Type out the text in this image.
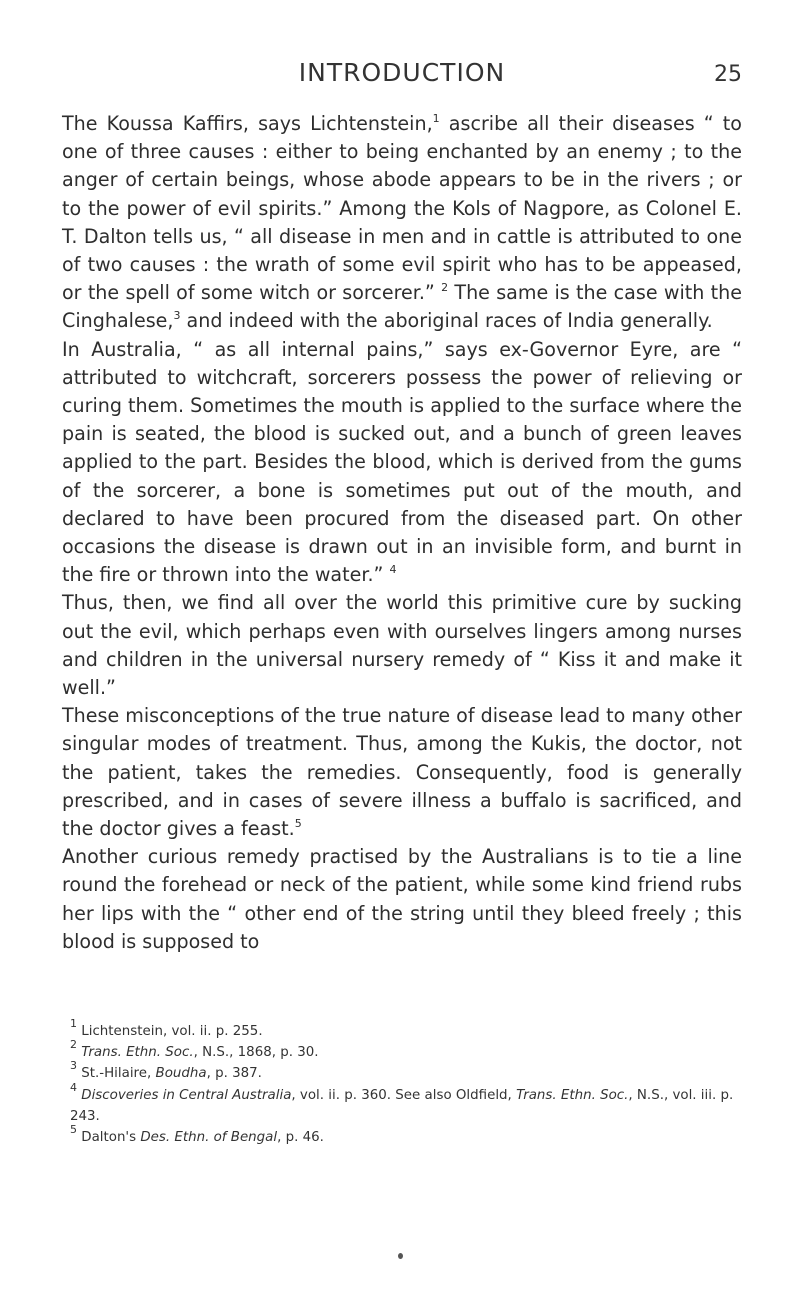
INTRODUCTION	25

The Koussa Kaffirs, says Lichtenstein,$^1$ ascribe all their diseases “ to one of three causes : either to being enchanted by an enemy ; to the anger of certain beings, whose abode appears to be in the rivers ; or to the power of evil spirits.” Among the Kols of Nagpore, as Colonel E. T. Dalton tells us, “ all disease in men and in cattle is attributed to one of two causes : the wrath of some evil spirit who has to be appeased, or the spell of some witch or sorcerer.” $^2$ The same is the case with the Cinghalese,$^3$ and indeed with the aboriginal races of India generally.

In Australia, “ as all internal pains,” says ex-Governor Eyre, are “ attributed to witchcraft, sorcerers possess the power of relieving or curing them. Sometimes the mouth is applied to the surface where the pain is seated, the blood is sucked out, and a bunch of green leaves applied to the part. Besides the blood, which is derived from the gums of the sorcerer, a bone is sometimes put out of the mouth, and declared to have been procured from the diseased part. On other occasions the disease is drawn out in an invisible form, and burnt in the fire or thrown into the water.” $^4$

Thus, then, we find all over the world this primitive cure by sucking out the evil, which perhaps even with ourselves lingers among nurses and children in the universal nursery remedy of “ Kiss it and make it well.”

These misconceptions of the true nature of disease lead to many other singular modes of treatment. Thus, among the Kukis, the doctor, not the patient, takes the remedies. Consequently, food is generally prescribed, and in cases of severe illness a buffalo is sacrificed, and the doctor gives a feast.$^5$

Another curious remedy practised by the Australians is to tie a line round the forehead or neck of the patient, while some kind friend rubs her lips with the “ other end of the string until they bleed freely ; this blood is supposed to

$^1$ Lichtenstein, vol. ii. p. 255.

$^2$ Trans. Ethn. Soc., N.S., 1868, p. 30.

$^3$ St.-Hilaire, Boudha, p. 387.

$^4$ Discoveries in Central Australia, vol. ii. p. 360. See also Oldfield, Trans. Ethn. Soc., N.S., vol. iii. p. 243.

$^5$ Dalton's Des. Ethn. of Bengal, p. 46.
